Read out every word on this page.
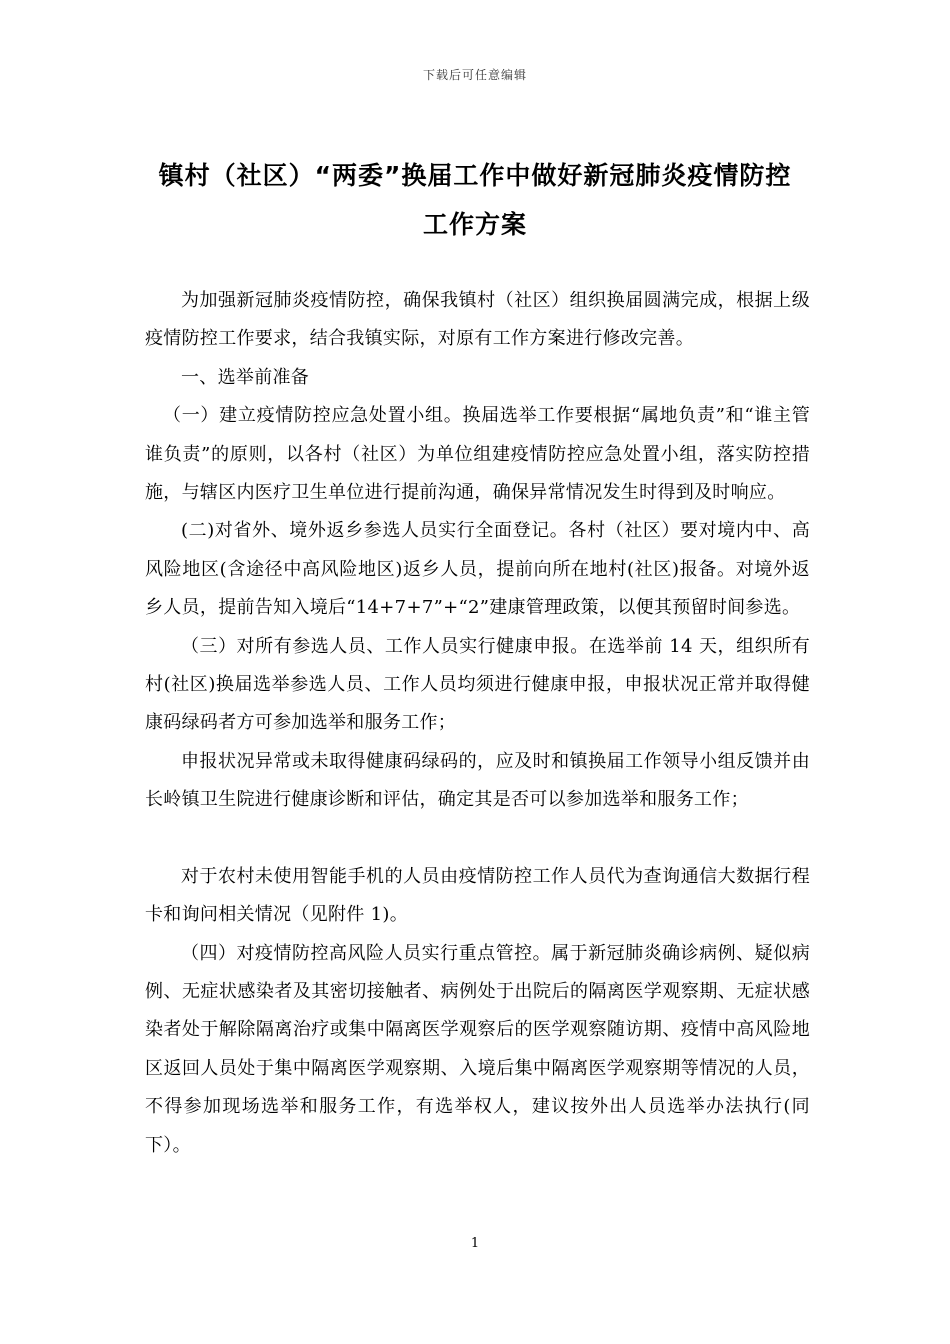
下载后可任意编辑
镇村（社区）“两委”换届工作中做好新冠肺炎疫情防控
工作方案

为加强新冠肺炎疫情防控，确保我镇村（社区）组织换届圆满完成，根据上级疫情防控工作要求，结合我镇实际，对原有工作方案进行修改完善。

一、选举前准备

（一）建立疫情防控应急处置小组。换届选举工作要根据“属地负责”和“谁主管谁负责”的原则，以各村（社区）为单位组建疫情防控应急处置小组，落实防控措施，与辖区内医疗卫生单位进行提前沟通，确保异常情况发生时得到及时响应。

(二)对省外、境外返乡参选人员实行全面登记。各村（社区）要对境内中、高风险地区(含途径中高风险地区)返乡人员，提前向所在地村(社区)报备。对境外返乡人员，提前告知入境后“14+7+7”+“2”建康管理政策，以便其预留时间参选。

（三）对所有参选人员、工作人员实行健康申报。在选举前 14 天，组织所有村(社区)换届选举参选人员、工作人员均须进行健康申报，申报状况正常并取得健康码绿码者方可参加选举和服务工作；

申报状况异常或未取得健康码绿码的，应及时和镇换届工作领导小组反馈并由长岭镇卫生院进行健康诊断和评估，确定其是否可以参加选举和服务工作；

对于农村未使用智能手机的人员由疫情防控工作人员代为查询通信大数据行程卡和询问相关情况（见附件 1)。

（四）对疫情防控高风险人员实行重点管控。属于新冠肺炎确诊病例、疑似病例、无症状感染者及其密切接触者、病例处于出院后的隔离医学观察期、无症状感染者处于解除隔离治疗或集中隔离医学观察后的医学观察随访期、疫情中高风险地区返回人员处于集中隔离医学观察期、入境后集中隔离医学观察期等情况的人员，不得参加现场选举和服务工作，有选举权人，建议按外出人员选举办法执行(同下）。

1
